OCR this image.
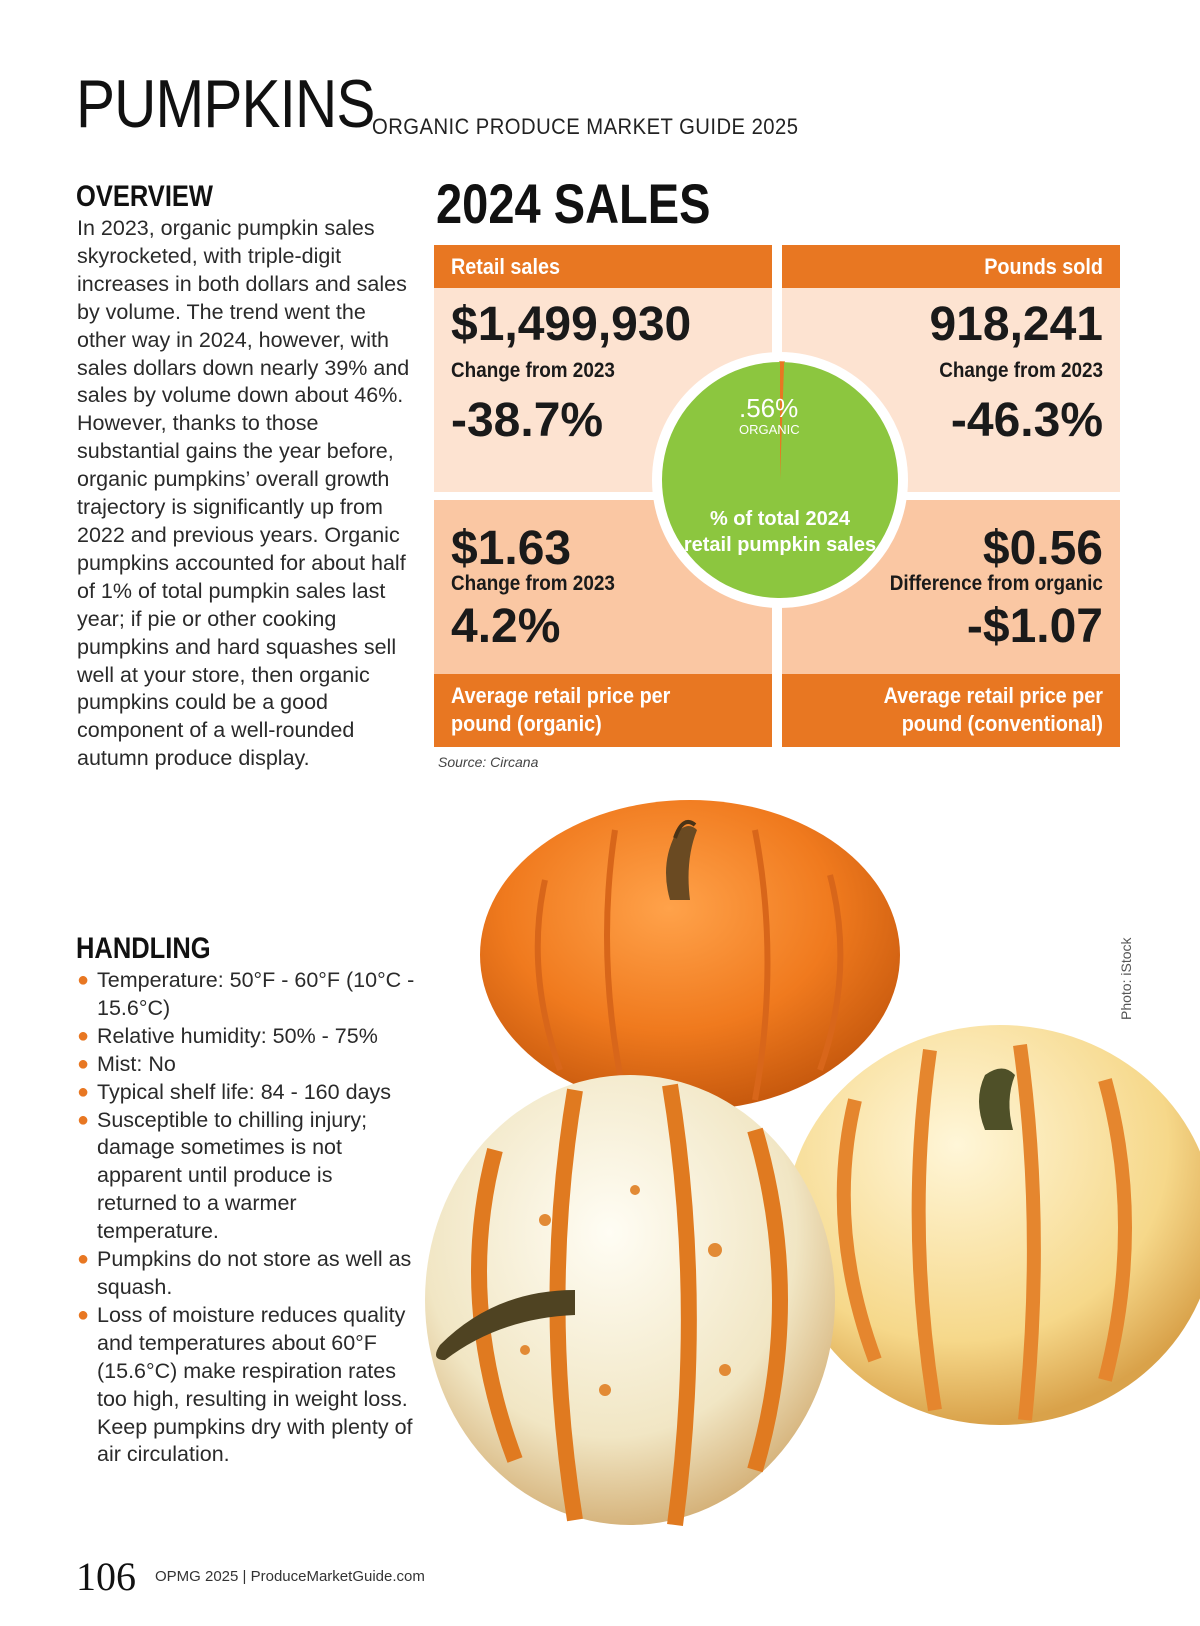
PUMPKINS
ORGANIC PRODUCE MARKET GUIDE 2025
OVERVIEW

In 2023, organic pumpkin sales skyrocketed, with triple-digit increases in both dollars and sales by volume. The trend went the other way in 2024, however, with sales dollars down nearly 39% and sales by volume down about 46%. However, thanks to those substantial gains the year before, organic pumpkins’ overall growth trajectory is significantly up from 2022 and previous years. Organic pumpkins accounted for about half of 1% of total pumpkin sales last year; if pie or other cooking pumpkins and hard squashes sell well at your store, then organic pumpkins could be a good component of a well-rounded autumn produce display.

HANDLING
● Temperature: 50°F - 60°F (10°C - 15.6°C)
● Relative humidity: 50% - 75%
● Mist: No
● Typical shelf life: 84 - 160 days
● Susceptible to chilling injury; damage sometimes is not apparent until produce is returned to a warmer temperature.
● Pumpkins do not store as well as squash.
● Loss of moisture reduces quality and temperatures about 60°F (15.6°C) make respiration rates too high, resulting in weight loss. Keep pumpkins dry with plenty of air circulation.
2024 SALES
Retail sales
$1,499,930
Change from 2023
-38.7%
Pounds sold
918,241
Change from 2023
-46.3%
$1.63
Change from 2023
4.2%
Average retail price per pound (organic)
$0.56
Difference from organic
-$1.07
Average retail price per pound (conventional)
.56%
ORGANIC
% of total 2024
retail pumpkin sales
Source: Circana
Photo: iStock
106 OPMG 2025 | ProduceMarketGuide.com
